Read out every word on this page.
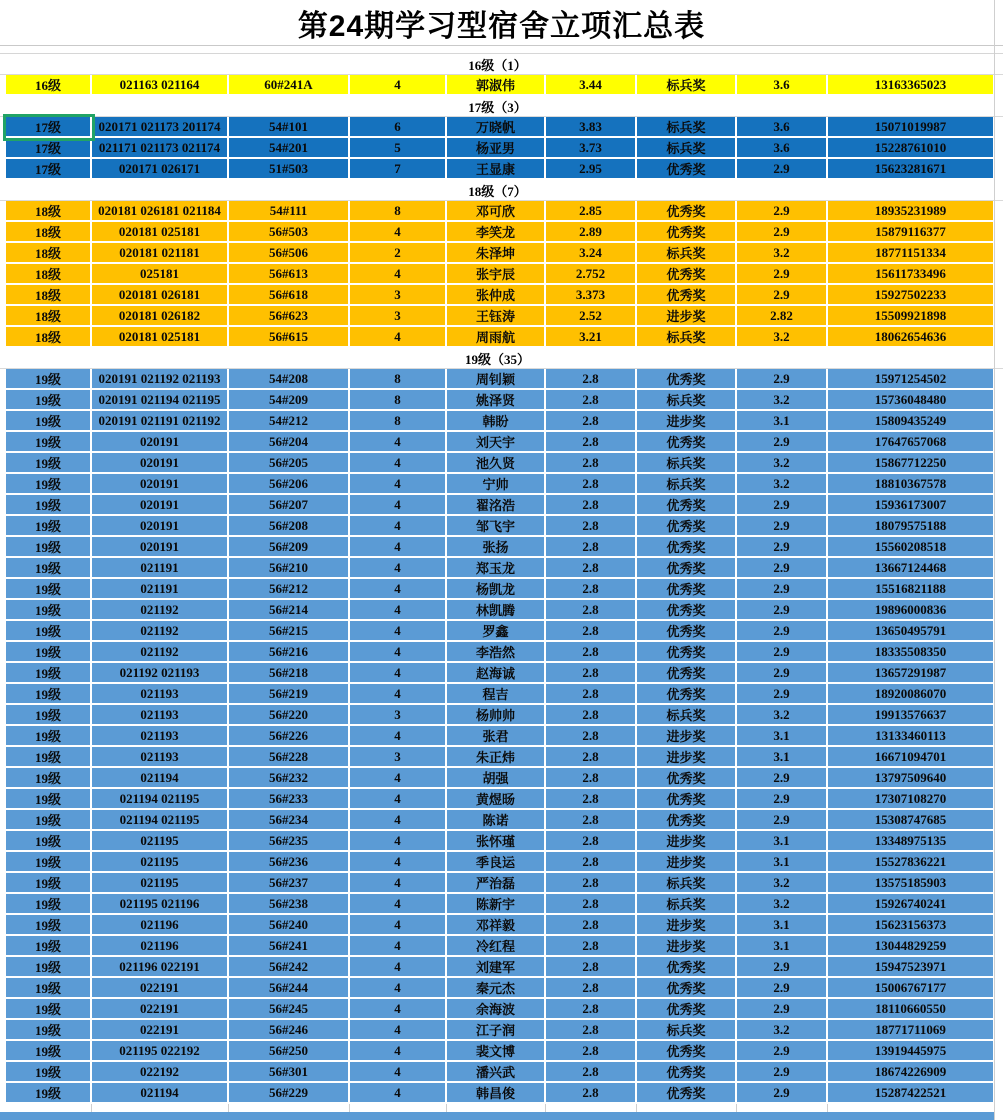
第24期学习型宿舍立项汇总表
16级（1）
16级	021163 021164	60#241A	4	郭淑伟	3.44	标兵奖	3.6	13163365023
17级（3）
17级	020171 021173 201174	54#101	6	万晓帆	3.83	标兵奖	3.6	15071019987
17级	021171 021173 021174	54#201	5	杨亚男	3.73	标兵奖	3.6	15228761010
17级	020171 026171	51#503	7	王显康	2.95	优秀奖	2.9	15623281671
18级（7）
18级	020181 026181 021184	54#111	8	邓可欣	2.85	优秀奖	2.9	18935231989
18级	020181 025181	56#503	4	李笑龙	2.89	优秀奖	2.9	15879116377
18级	020181 021181	56#506	2	朱泽坤	3.24	标兵奖	3.2	18771151334
18级	025181	56#613	4	张宇辰	2.752	优秀奖	2.9	15611733496
18级	020181 026181	56#618	3	张仲成	3.373	优秀奖	2.9	15927502233
18级	020181 026182	56#623	3	王钰涛	2.52	进步奖	2.82	15509921898
18级	020181 025181	56#615	4	周雨航	3.21	标兵奖	3.2	18062654636
19级（35）
19级	020191 021192 021193	54#208	8	周钊颖	2.8	优秀奖	2.9	15971254502
19级	020191 021194 021195	54#209	8	姚泽贤	2.8	标兵奖	3.2	15736048480
19级	020191 021191 021192	54#212	8	韩盼	2.8	进步奖	3.1	15809435249
19级	020191	56#204	4	刘天宇	2.8	优秀奖	2.9	17647657068
19级	020191	56#205	4	池久贤	2.8	标兵奖	3.2	15867712250
19级	020191	56#206	4	宁帅	2.8	标兵奖	3.2	18810367578
19级	020191	56#207	4	翟洺浩	2.8	优秀奖	2.9	15936173007
19级	020191	56#208	4	邹飞宇	2.8	优秀奖	2.9	18079575188
19级	020191	56#209	4	张扬	2.8	优秀奖	2.9	15560208518
19级	021191	56#210	4	郑玉龙	2.8	优秀奖	2.9	13667124468
19级	021191	56#212	4	杨凯龙	2.8	优秀奖	2.9	15516821188
19级	021192	56#214	4	林凯腾	2.8	优秀奖	2.9	19896000836
19级	021192	56#215	4	罗鑫	2.8	优秀奖	2.9	13650495791
19级	021192	56#216	4	李浩然	2.8	优秀奖	2.9	18335508350
19级	021192 021193	56#218	4	赵海诚	2.8	优秀奖	2.9	13657291987
19级	021193	56#219	4	程吉	2.8	优秀奖	2.9	18920086070
19级	021193	56#220	3	杨帅帅	2.8	标兵奖	3.2	19913576637
19级	021193	56#226	4	张君	2.8	进步奖	3.1	13133460113
19级	021193	56#228	3	朱正炜	2.8	进步奖	3.1	16671094701
19级	021194	56#232	4	胡强	2.8	优秀奖	2.9	13797509640
19级	021194 021195	56#233	4	黄煜旸	2.8	优秀奖	2.9	17307108270
19级	021194 021195	56#234	4	陈诺	2.8	优秀奖	2.9	15308747685
19级	021195	56#235	4	张怀瑾	2.8	进步奖	3.1	13348975135
19级	021195	56#236	4	季良运	2.8	进步奖	3.1	15527836221
19级	021195	56#237	4	严治磊	2.8	标兵奖	3.2	13575185903
19级	021195 021196	56#238	4	陈新宇	2.8	标兵奖	3.2	15926740241
19级	021196	56#240	4	邓祥毅	2.8	进步奖	3.1	15623156373
19级	021196	56#241	4	冷红程	2.8	进步奖	3.1	13044829259
19级	021196 022191	56#242	4	刘建军	2.8	优秀奖	2.9	15947523971
19级	022191	56#244	4	秦元杰	2.8	优秀奖	2.9	15006767177
19级	022191	56#245	4	余海波	2.8	优秀奖	2.9	18110660550
19级	022191	56#246	4	江子润	2.8	标兵奖	3.2	18771711069
19级	021195 022192	56#250	4	裴文博	2.8	优秀奖	2.9	13919445975
19级	022192	56#301	4	潘兴武	2.8	优秀奖	2.9	18674226909
19级	021194	56#229	4	韩昌俊	2.8	优秀奖	2.9	15287422521
